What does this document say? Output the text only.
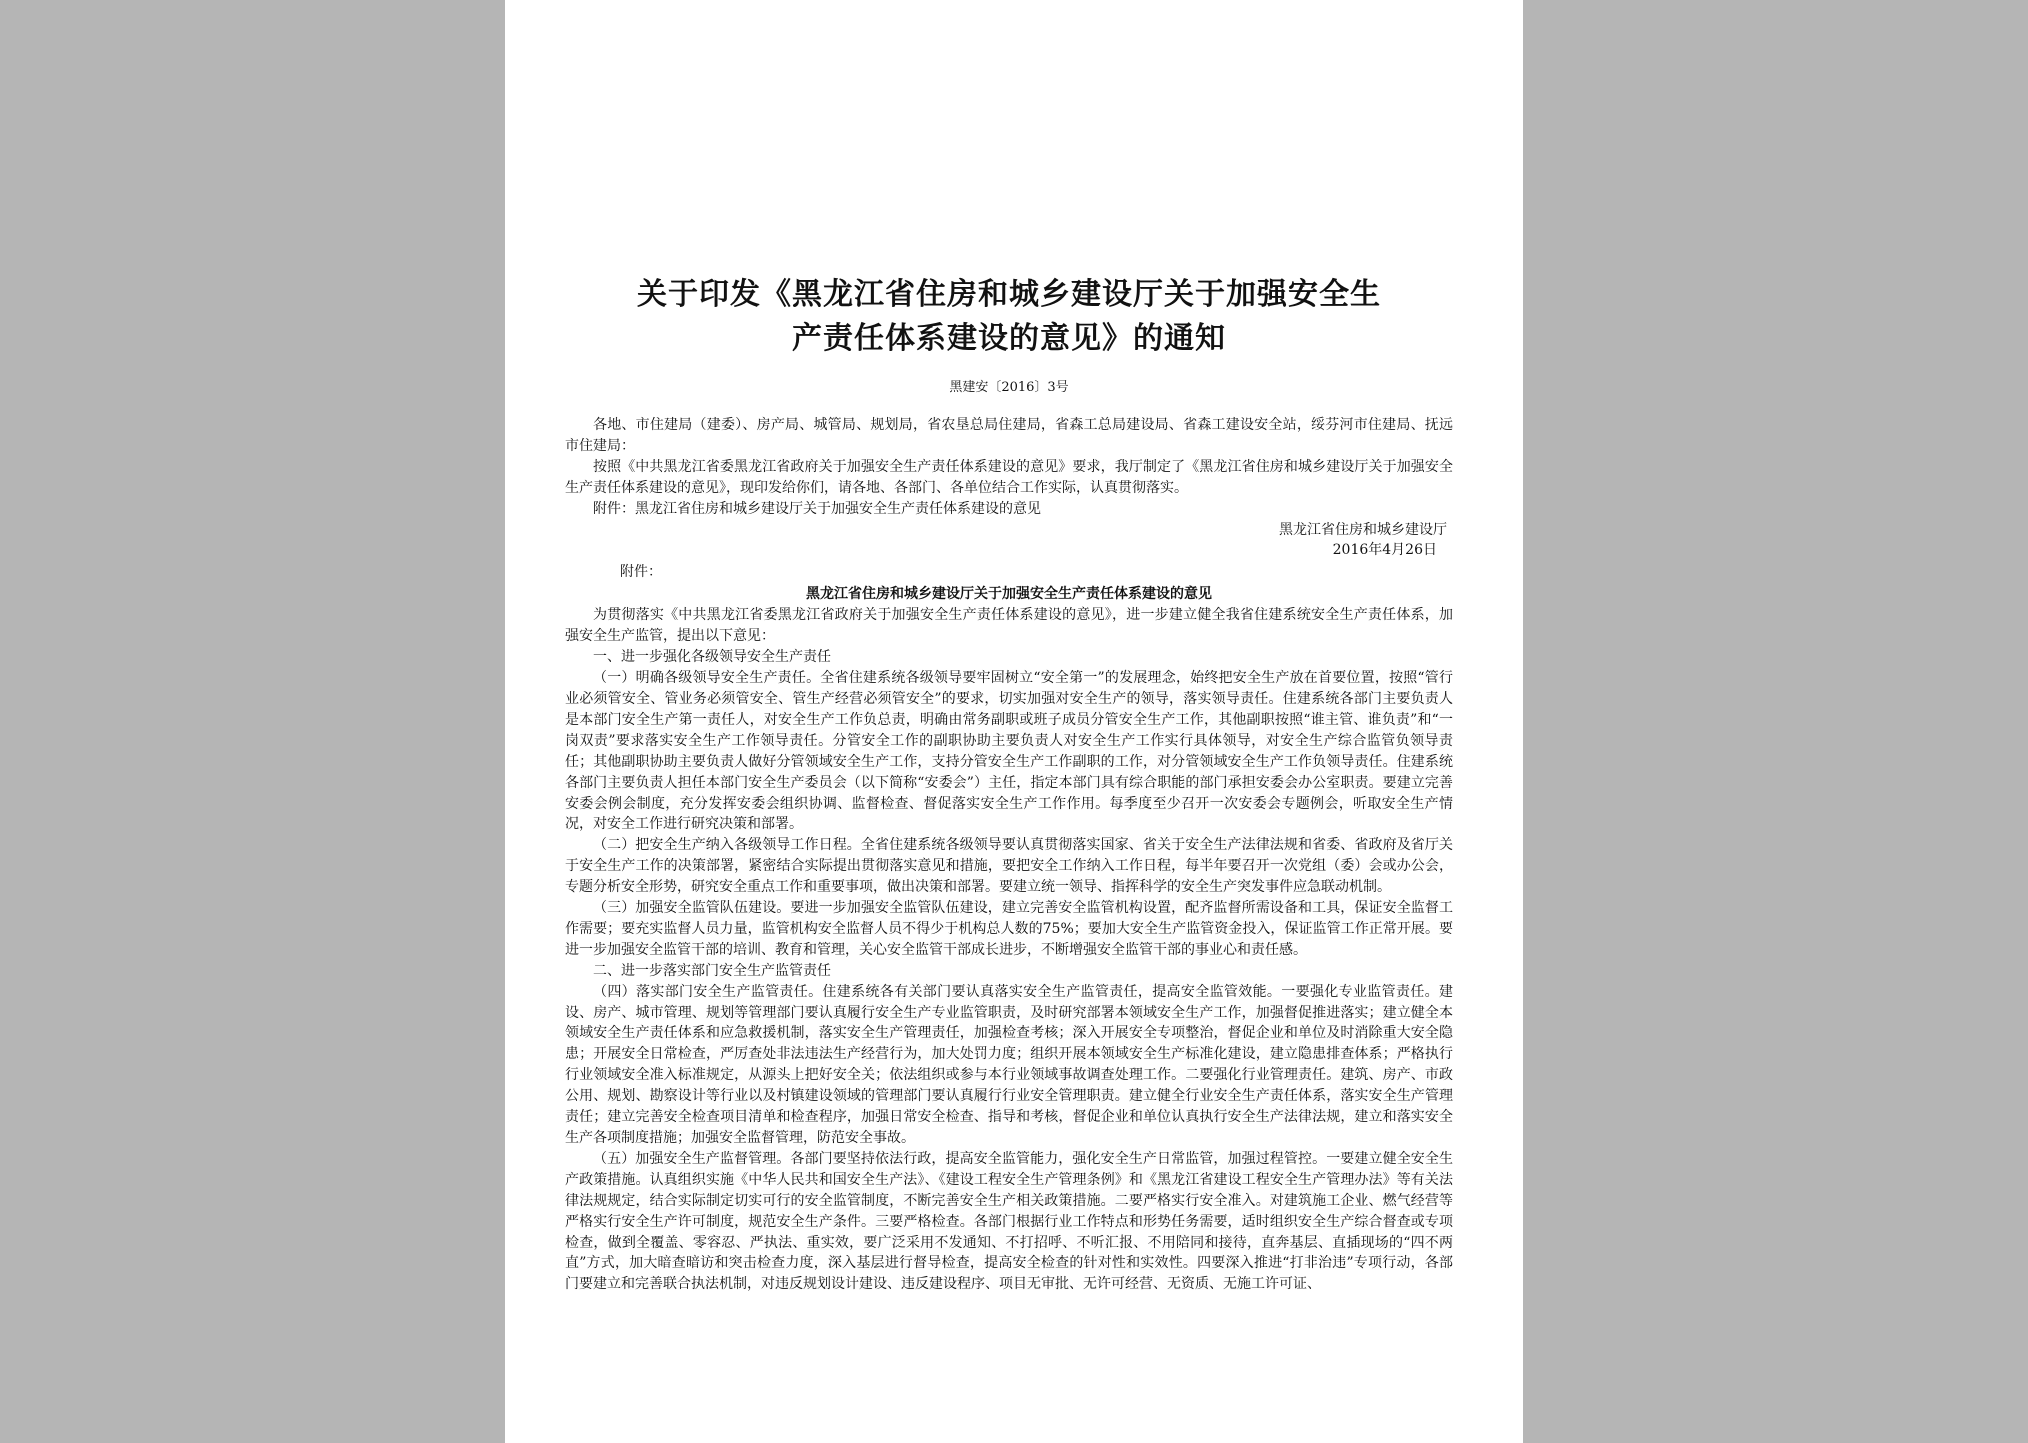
关于印发《黑龙江省住房和城乡建设厅关于加强安全生
产责任体系建设的意见》的通知
黑建安〔2016〕3号

各地、市住建局（建委）、房产局、城管局、规划局，省农垦总局住建局，省森工总局建设局、省森工建设安全站，绥芬河市住建局、抚远市住建局：

按照《中共黑龙江省委黑龙江省政府关于加强安全生产责任体系建设的意见》要求，我厅制定了《黑龙江省住房和城乡建设厅关于加强安全生产责任体系建设的意见》，现印发给你们，请各地、各部门、各单位结合工作实际，认真贯彻落实。

附件：黑龙江省住房和城乡建设厅关于加强安全生产责任体系建设的意见

黑龙江省住房和城乡建设厅

2016年4月26日

附件：

黑龙江省住房和城乡建设厅关于加强安全生产责任体系建设的意见

为贯彻落实《中共黑龙江省委黑龙江省政府关于加强安全生产责任体系建设的意见》，进一步建立健全我省住建系统安全生产责任体系，加强安全生产监管，提出以下意见：

一、进一步强化各级领导安全生产责任

（一）明确各级领导安全生产责任。全省住建系统各级领导要牢固树立“安全第一”的发展理念，始终把安全生产放在首要位置，按照“管行业必须管安全、管业务必须管安全、管生产经营必须管安全”的要求，切实加强对安全生产的领导，落实领导责任。住建系统各部门主要负责人是本部门安全生产第一责任人，对安全生产工作负总责，明确由常务副职或班子成员分管安全生产工作，其他副职按照“谁主管、谁负责”和“一岗双责”要求落实安全生产工作领导责任。分管安全工作的副职协助主要负责人对安全生产工作实行具体领导，对安全生产综合监管负领导责任；其他副职协助主要负责人做好分管领域安全生产工作，支持分管安全生产工作副职的工作，对分管领域安全生产工作负领导责任。住建系统各部门主要负责人担任本部门安全生产委员会（以下简称“安委会”）主任，指定本部门具有综合职能的部门承担安委会办公室职责。要建立完善安委会例会制度，充分发挥安委会组织协调、监督检查、督促落实安全生产工作作用。每季度至少召开一次安委会专题例会，听取安全生产情况，对安全工作进行研究决策和部署。

（二）把安全生产纳入各级领导工作日程。全省住建系统各级领导要认真贯彻落实国家、省关于安全生产法律法规和省委、省政府及省厅关于安全生产工作的决策部署，紧密结合实际提出贯彻落实意见和措施，要把安全工作纳入工作日程，每半年要召开一次党组（委）会或办公会，专题分析安全形势，研究安全重点工作和重要事项，做出决策和部署。要建立统一领导、指挥科学的安全生产突发事件应急联动机制。

（三）加强安全监管队伍建设。要进一步加强安全监管队伍建设，建立完善安全监管机构设置，配齐监督所需设备和工具，保证安全监督工作需要；要充实监督人员力量，监管机构安全监督人员不得少于机构总人数的75%；要加大安全生产监管资金投入，保证监管工作正常开展。要进一步加强安全监管干部的培训、教育和管理，关心安全监管干部成长进步，不断增强安全监管干部的事业心和责任感。

二、进一步落实部门安全生产监管责任

（四）落实部门安全生产监管责任。住建系统各有关部门要认真落实安全生产监管责任，提高安全监管效能。一要强化专业监管责任。建设、房产、城市管理、规划等管理部门要认真履行安全生产专业监管职责，及时研究部署本领域安全生产工作，加强督促推进落实；建立健全本领域安全生产责任体系和应急救援机制，落实安全生产管理责任，加强检查考核；深入开展安全专项整治，督促企业和单位及时消除重大安全隐患；开展安全日常检查，严厉查处非法违法生产经营行为，加大处罚力度；组织开展本领域安全生产标准化建设，建立隐患排查体系；严格执行行业领域安全准入标准规定，从源头上把好安全关；依法组织或参与本行业领域事故调查处理工作。二要强化行业管理责任。建筑、房产、市政公用、规划、勘察设计等行业以及村镇建设领域的管理部门要认真履行行业安全管理职责。建立健全行业安全生产责任体系，落实安全生产管理责任；建立完善安全检查项目清单和检查程序，加强日常安全检查、指导和考核，督促企业和单位认真执行安全生产法律法规，建立和落实安全生产各项制度措施；加强安全监督管理，防范安全事故。

（五）加强安全生产监督管理。各部门要坚持依法行政，提高安全监管能力，强化安全生产日常监管，加强过程管控。一要建立健全安全生产政策措施。认真组织实施《中华人民共和国安全生产法》、《建设工程安全生产管理条例》和《黑龙江省建设工程安全生产管理办法》等有关法律法规规定，结合实际制定切实可行的安全监管制度，不断完善安全生产相关政策措施。二要严格实行安全准入。对建筑施工企业、燃气经营等严格实行安全生产许可制度，规范安全生产条件。三要严格检查。各部门根据行业工作特点和形势任务需要，适时组织安全生产综合督查或专项检查，做到全覆盖、零容忍、严执法、重实效，要广泛采用不发通知、不打招呼、不听汇报、不用陪同和接待，直奔基层、直插现场的“四不两直”方式，加大暗查暗访和突击检查力度，深入基层进行督导检查，提高安全检查的针对性和实效性。四要深入推进“打非治违”专项行动，各部门要建立和完善联合执法机制，对违反规划设计建设、违反建设程序、项目无审批、无许可经营、无资质、无施工许可证、
